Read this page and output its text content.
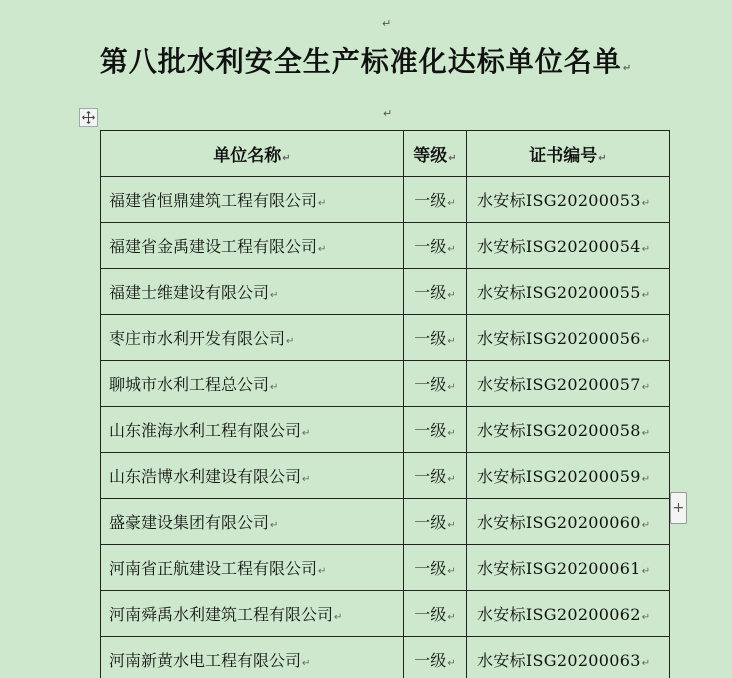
↵
第八批水利安全生产标准化达标单位名单↵
↵
单位名称↵	等级↵	证书编号↵
福建省恒鼎建筑工程有限公司↵	一级↵	水安标ⅠSG20200053↵
福建省金禹建设工程有限公司↵	一级↵	水安标ⅠSG20200054↵
福建士维建设有限公司↵	一级↵	水安标ⅠSG20200055↵
枣庄市水利开发有限公司↵	一级↵	水安标ⅠSG20200056↵
聊城市水利工程总公司↵	一级↵	水安标ⅠSG20200057↵
山东淮海水利工程有限公司↵	一级↵	水安标ⅠSG20200058↵
山东浩博水利建设有限公司↵	一级↵	水安标ⅠSG20200059↵
盛豪建设集团有限公司↵	一级↵	水安标ⅠSG20200060↵
河南省正航建设工程有限公司↵	一级↵	水安标ⅠSG20200061↵
河南舜禹水利建筑工程有限公司↵	一级↵	水安标ⅠSG20200062↵
河南新黄水电工程有限公司↵	一级↵	水安标ⅠSG20200063↵
+
